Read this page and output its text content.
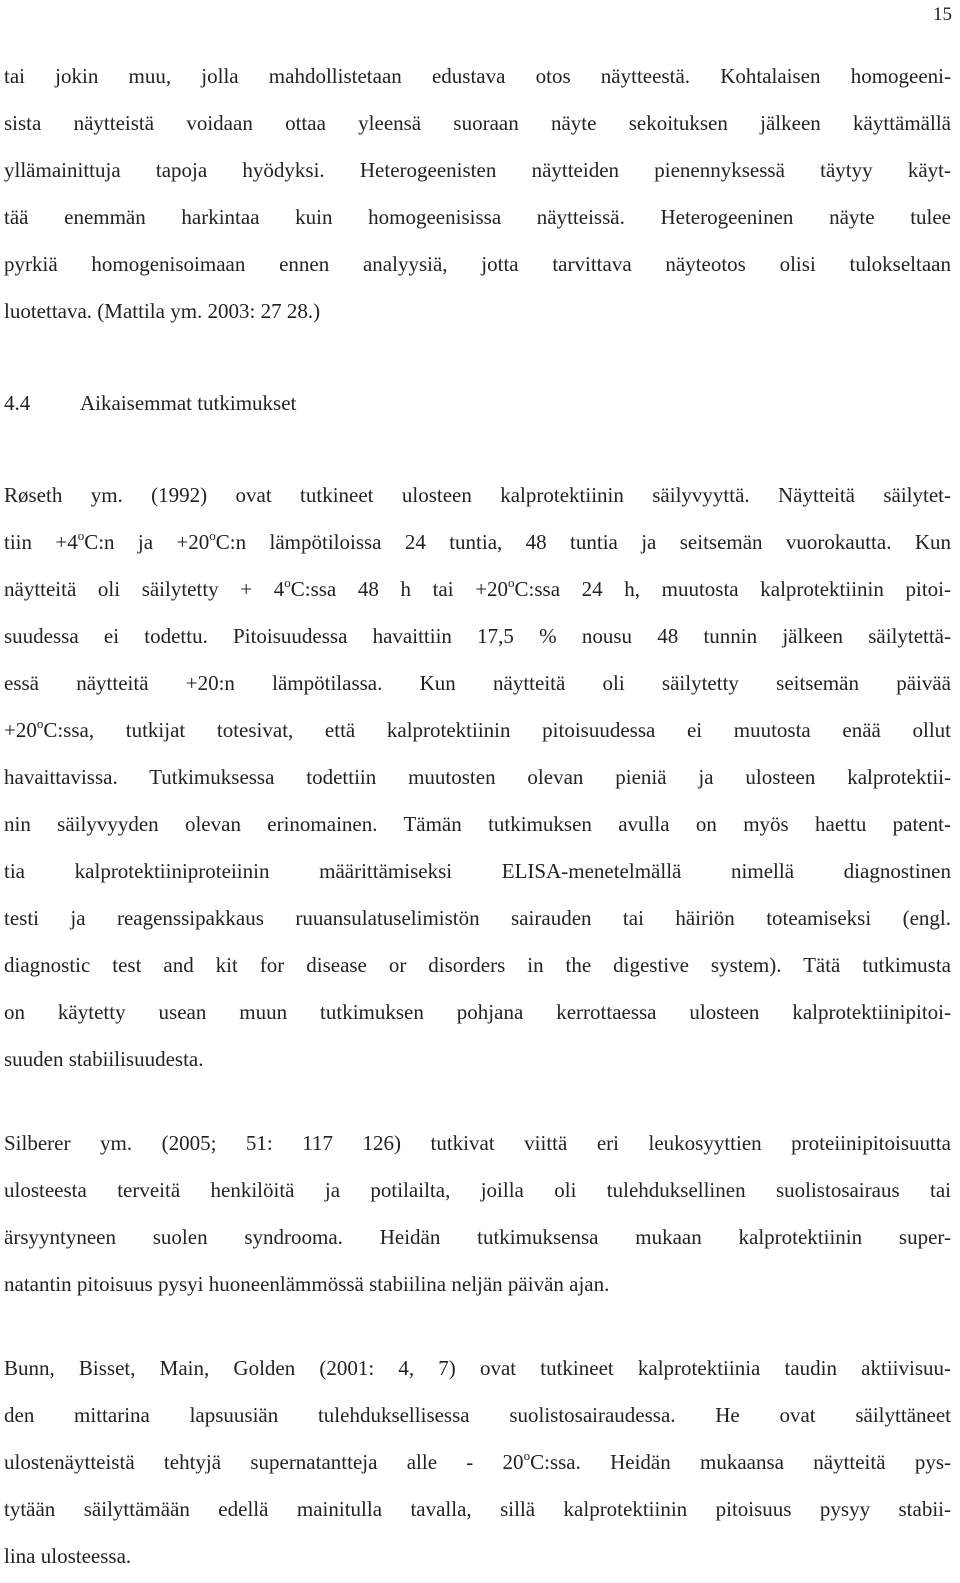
15
tai jokin muu, jolla mahdollistetaan edustava otos näytteestä. Kohtalaisen homogeeni-
sista näytteistä voidaan ottaa yleensä suoraan näyte sekoituksen jälkeen käyttämällä
yllämainittuja tapoja hyödyksi. Heterogeenisten näytteiden pienennyksessä täytyy käyt-
tää enemmän harkintaa kuin homogeenisissa näytteissä. Heterogeeninen näyte tulee
pyrkiä homogenisoimaan ennen analyysiä, jotta tarvittava näyteotos olisi tulokseltaan
luotettava. (Mattila ym. 2003: 27 28.)
4.4 Aikaisemmat tutkimukset
Røseth ym. (1992) ovat tutkineet ulosteen kalprotektiinin säilyvyyttä. Näytteitä säilytet-
tiin $+4^oC:n$ ja $+20^oC:n$ lämpötiloissa 24 tuntia, 48 tuntia ja seitsemän vuorokautta. Kun
näytteitä oli säilytetty + $4^oC:ssa$ 48 h tai $+20^oC:ssa$ 24 h, muutosta kalprotektiinin pitoi-
suudessa ei todettu. Pitoisuudessa havaittiin 17,5 % nousu 48 tunnin jälkeen säilytettä-
essä näytteitä +20:n lämpötilassa. Kun näytteitä oli säilytetty seitsemän päivää
$+20^oC:ssa$, tutkijat totesivat, että kalprotektiinin pitoisuudessa ei muutosta enää ollut
havaittavissa. Tutkimuksessa todettiin muutosten olevan pieniä ja ulosteen kalprotektii-
nin säilyvyyden olevan erinomainen. Tämän tutkimuksen avulla on myös haettu patent-
tia kalprotektiiniproteiinin määrittämiseksi ELISA-menetelmällä nimellä diagnostinen
testi ja reagenssipakkaus ruuansulatuselimistön sairauden tai häiriön toteamiseksi (engl.
diagnostic test and kit for disease or disorders in the digestive system). Tätä tutkimusta
on käytetty usean muun tutkimuksen pohjana kerrottaessa ulosteen kalprotektiinipitoi-
suuden stabiilisuudesta.
Silberer ym. (2005; 51: 117 126) tutkivat viittä eri leukosyyttien proteiinipitoisuutta
ulosteesta terveitä henkilöitä ja potilailta, joilla oli tulehduksellinen suolistosairaus tai
ärsyyntyneen suolen syndrooma. Heidän tutkimuksensa mukaan kalprotektiinin super-
natantin pitoisuus pysyi huoneenlämmössä stabiilina neljän päivän ajan.
Bunn, Bisset, Main, Golden (2001: 4, 7) ovat tutkineet kalprotektiinia taudin aktiivisuu-
den mittarina lapsuusiän tulehduksellisessa suolistosairaudessa. He ovat säilyttäneet
ulostenäytteistä tehtyjä supernatantteja alle - 20$^o$C:ssa. Heidän mukaansa näytteitä pys-
tytään säilyttämään edellä mainitulla tavalla, sillä kalprotektiinin pitoisuus pysyy stabii-
lina ulosteessa.
